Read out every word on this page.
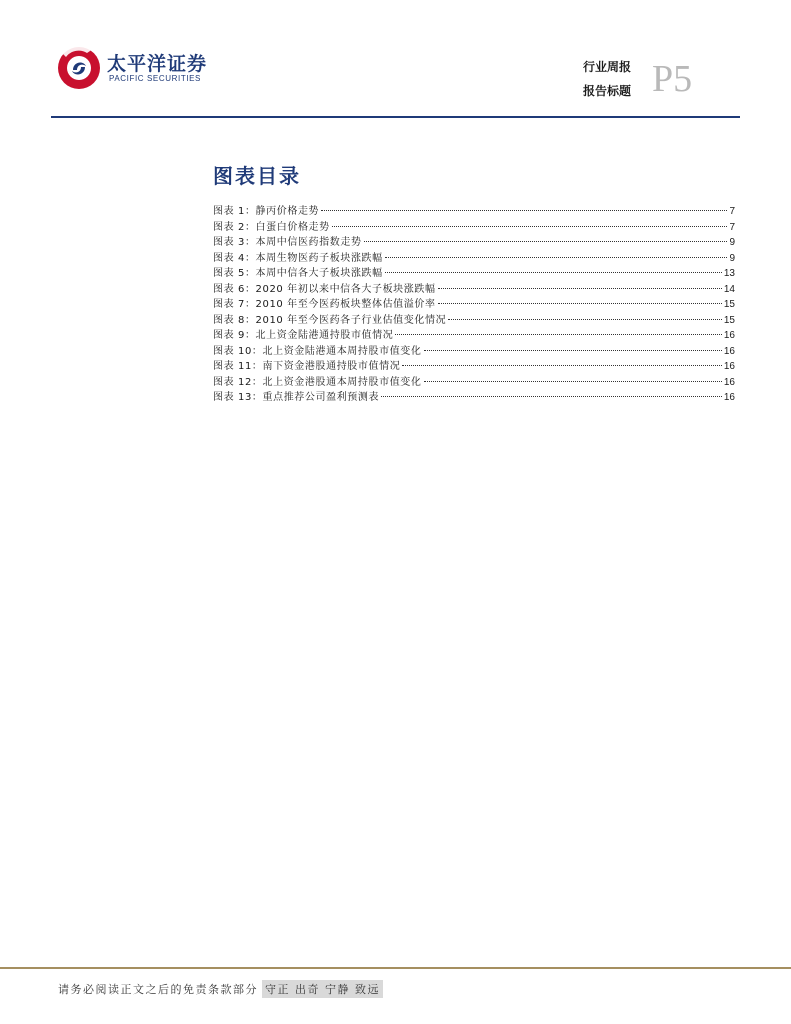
太平洋证券
PACIFIC SECURITIES
行业周报
报告标题 P5
图表目录
图表 1：静丙价格走势	7
图表 2：白蛋白价格走势	7
图表 3：本周中信医药指数走势	9
图表 4：本周生物医药子板块涨跌幅	9
图表 5：本周中信各大子板块涨跌幅	13
图表 6：2020 年初以来中信各大子板块涨跌幅	14
图表 7：2010 年至今医药板块整体估值溢价率	15
图表 8：2010 年至今医药各子行业估值变化情况	15
图表 9：北上资金陆港通持股市值情况	16
图表 10：北上资金陆港通本周持股市值变化	16
图表 11：南下资金港股通持股市值情况	16
图表 12：北上资金港股通本周持股市值变化	16
图表 13：重点推荐公司盈利预测表	16
请务必阅读正文之后的免责条款部分 守正 出奇 宁静 致远
